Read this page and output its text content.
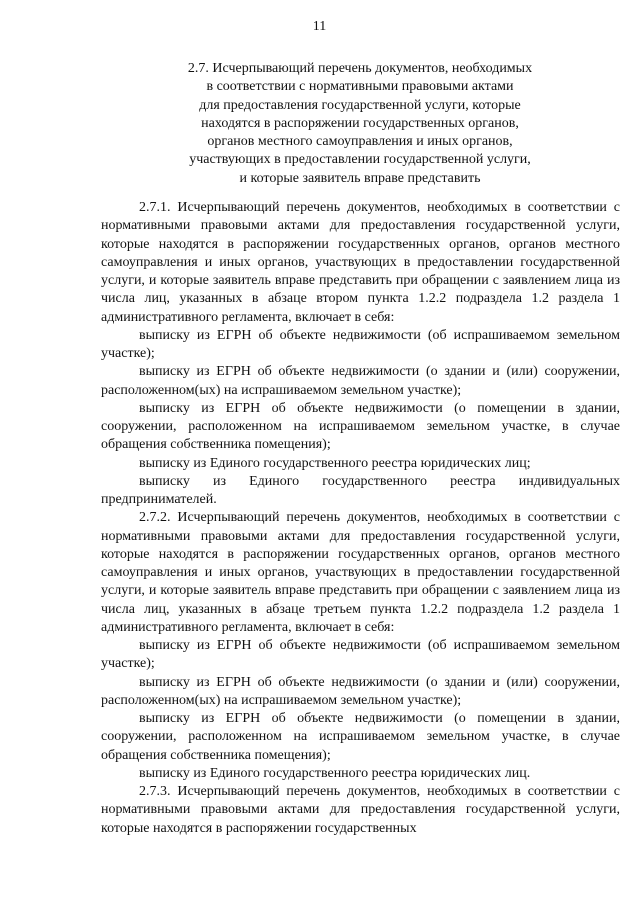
11
2.7. Исчерпывающий перечень документов, необходимых
в соответствии с нормативными правовыми актами
для предоставления государственной услуги, которые
находятся в распоряжении государственных органов,
органов местного самоуправления и иных органов,
участвующих в предоставлении государственной услуги,
и которые заявитель вправе представить

2.7.1. Исчерпывающий перечень документов, необходимых в соответствии с нормативными правовыми актами для предоставления государственной услуги, которые находятся в распоряжении государственных органов, органов местного самоуправления и иных органов, участвующих в предоставлении государственной услуги, и которые заявитель вправе представить при обращении с заявлением лица из числа лиц, указанных в абзаце втором пункта 1.2.2 подраздела 1.2 раздела 1 административного регламента, включает в себя:

выписку из ЕГРН об объекте недвижимости (об испрашиваемом земельном участке);

выписку из ЕГРН об объекте недвижимости (о здании и (или) сооружении, расположенном(ых) на испрашиваемом земельном участке);

выписку из ЕГРН об объекте недвижимости (о помещении в здании, сооружении, расположенном на испрашиваемом земельном участке, в случае обращения собственника помещения);

выписку из Единого государственного реестра юридических лиц;

выписку из Единого государственного реестра индивидуальных предпринимателей.

2.7.2. Исчерпывающий перечень документов, необходимых в соответствии с нормативными правовыми актами для предоставления государственной услуги, которые находятся в распоряжении государственных органов, органов местного самоуправления и иных органов, участвующих в предоставлении государственной услуги, и которые заявитель вправе представить при обращении с заявлением лица из числа лиц, указанных в абзаце третьем пункта 1.2.2 подраздела 1.2 раздела 1 административного регламента, включает в себя:

выписку из ЕГРН об объекте недвижимости (об испрашиваемом земельном участке);

выписку из ЕГРН об объекте недвижимости (о здании и (или) сооружении, расположенном(ых) на испрашиваемом земельном участке);

выписку из ЕГРН об объекте недвижимости (о помещении в здании, сооружении, расположенном на испрашиваемом земельном участке, в случае обращения собственника помещения);

выписку из Единого государственного реестра юридических лиц.

2.7.3. Исчерпывающий перечень документов, необходимых в соответствии с нормативными правовыми актами для предоставления государственной услуги, которые находятся в распоряжении государственных
